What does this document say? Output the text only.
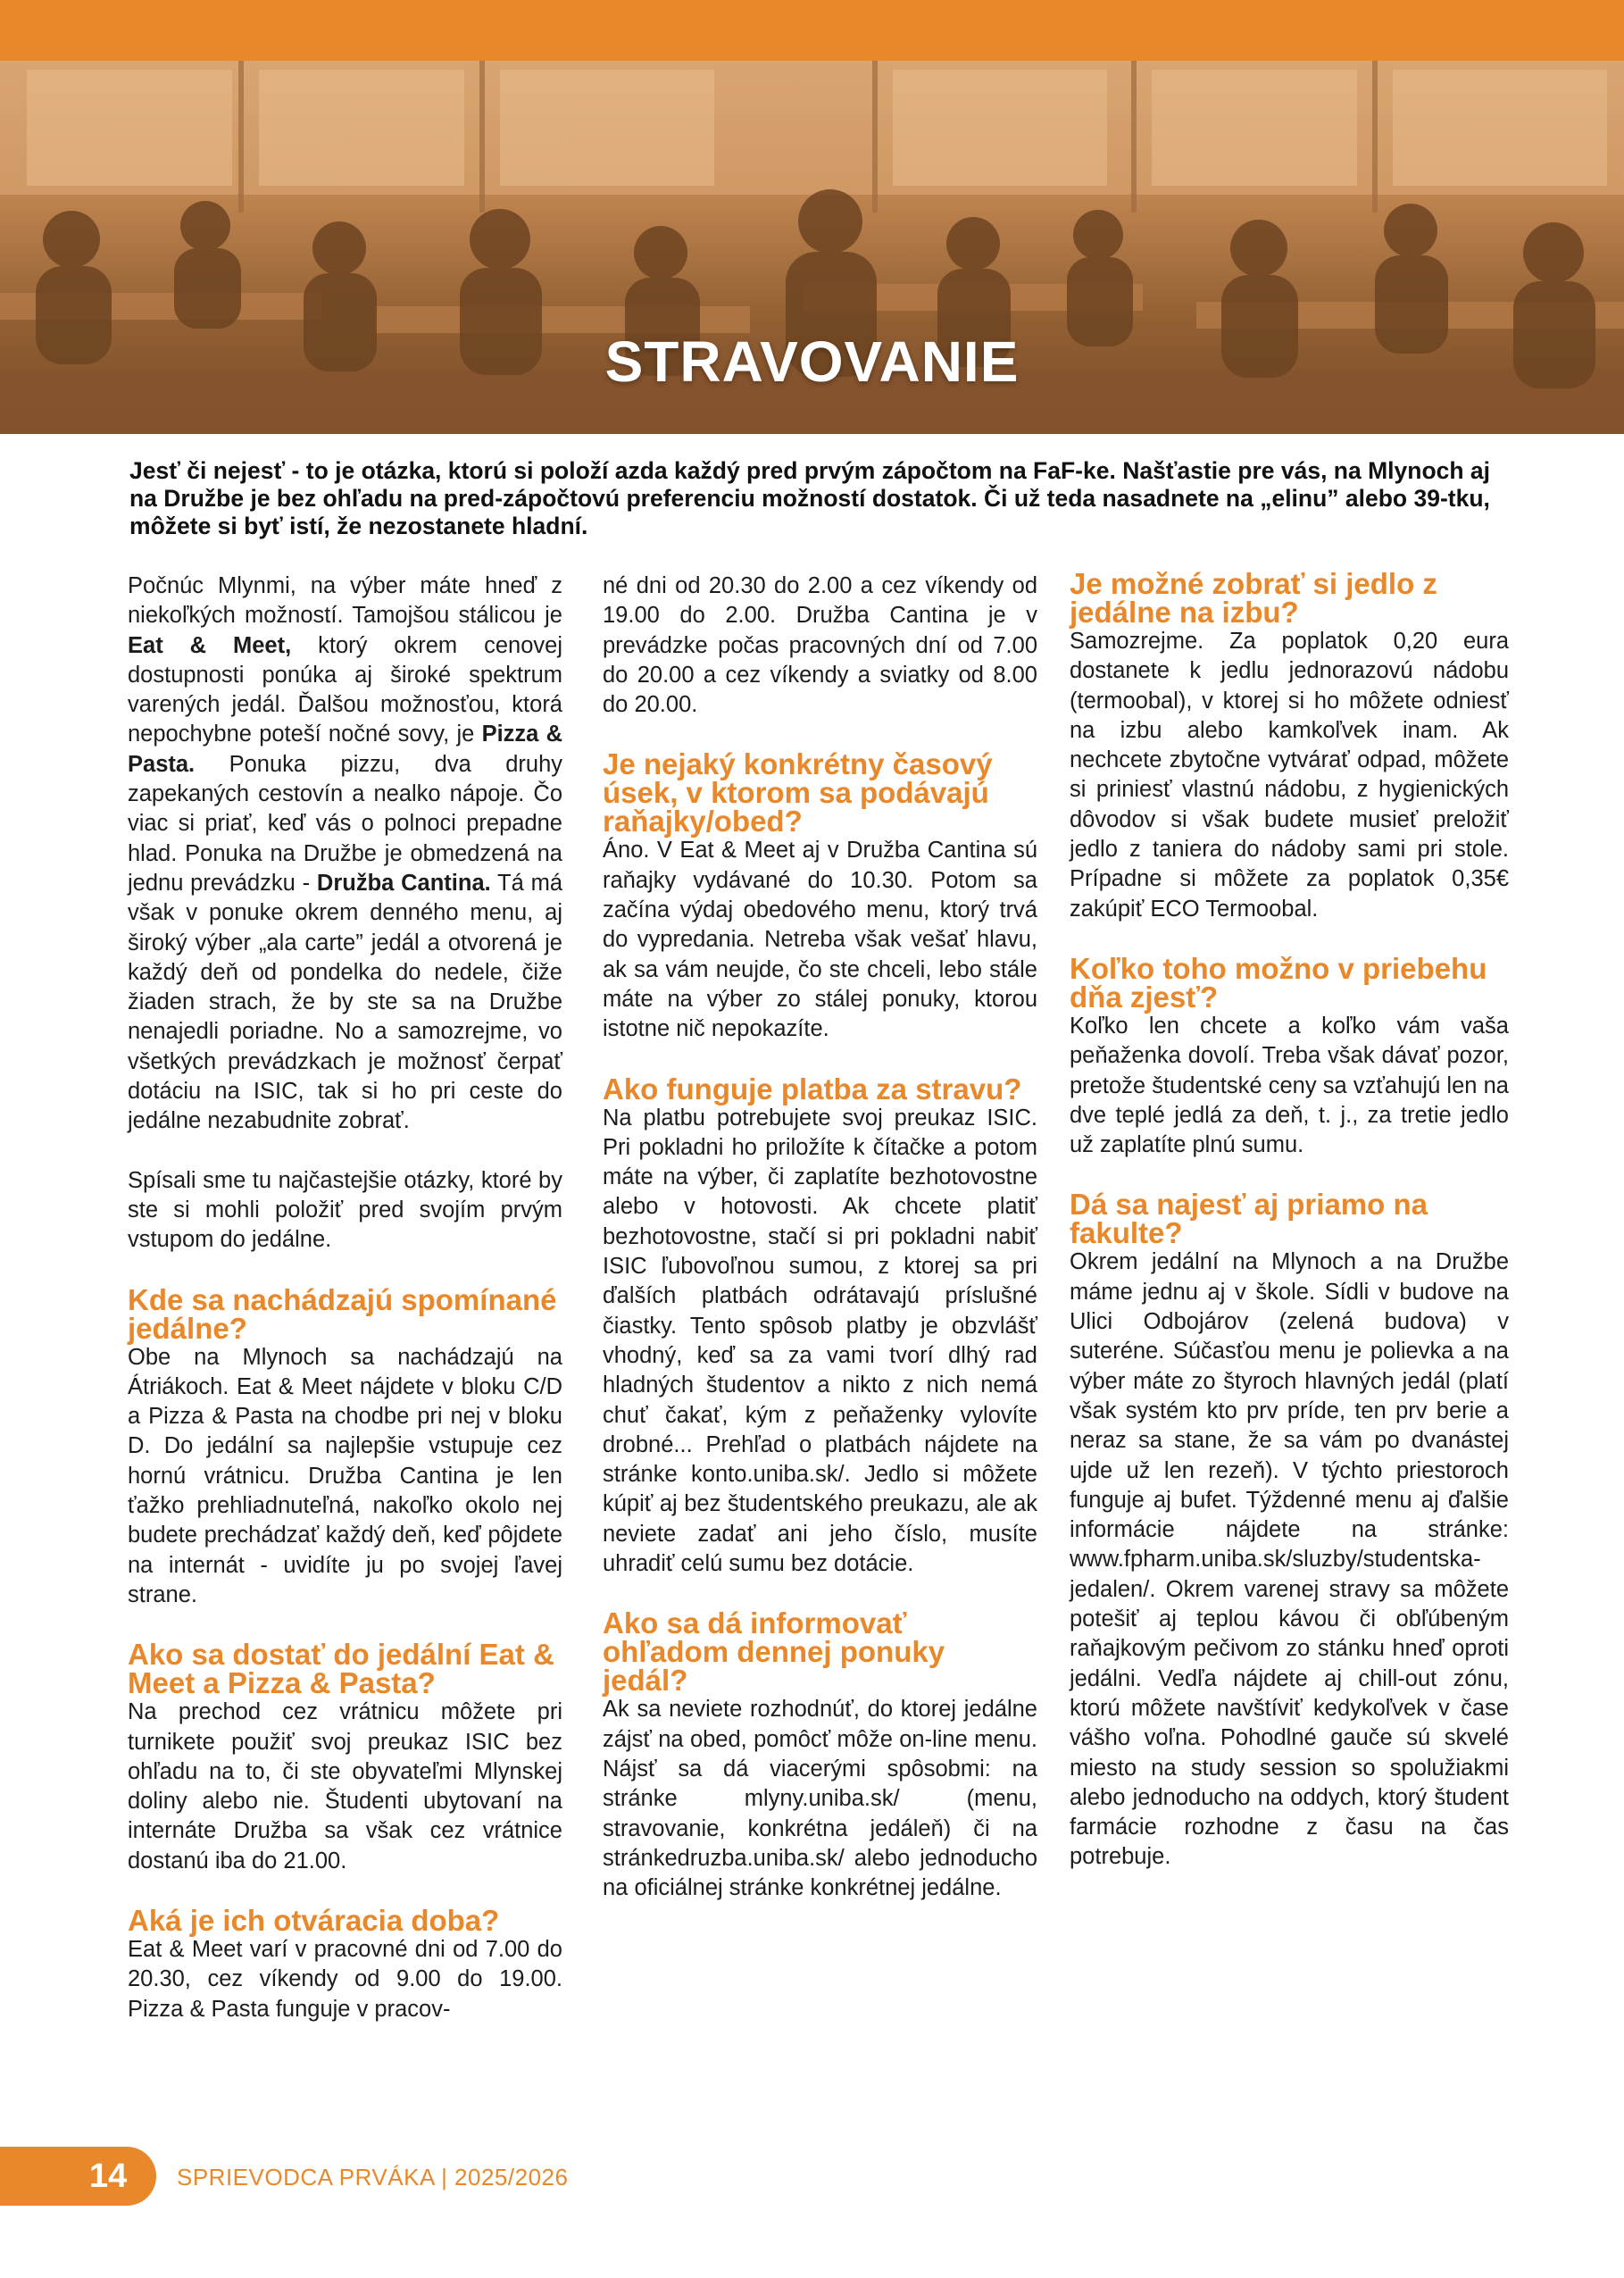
STRAVOVANIE
Jesť či nejesť - to je otázka, ktorú si položí azda každý pred prvým zápočtom na FaF-ke. Našťastie pre vás, na Mlynoch aj na Družbe je bez ohľadu na pred-zápočtovú preferenciu možností dostatok. Či už teda nasadnete na „elinu” alebo 39-tku, môžete si byť istí, že nezostanete hladní.

Počnúc Mlynmi, na výber máte hneď z niekoľkých možností. Tamojšou stálicou je Eat & Meet, ktorý okrem cenovej dostupnosti ponúka aj široké spektrum varených jedál. Ďalšou možnosťou, ktorá nepochybne poteší nočné sovy, je Pizza & Pasta. Ponuka pizzu, dva druhy zapekaných cestovín a nealko nápoje. Čo viac si priať, keď vás o polnoci prepadne hlad. Ponuka na Družbe je obmedzená na jednu prevádzku - Družba Cantina. Tá má však v ponuke okrem denného menu, aj široký výber „ala carte” jedál a otvorená je každý deň od pondelka do nedele, čiže žiaden strach, že by ste sa na Družbe nenajedli poriadne. No a samozrejme, vo všetkých prevádzkach je možnosť čerpať dotáciu na ISIC, tak si ho pri ceste do jedálne nezabudnite zobrať.

Spísali sme tu najčastejšie otázky, ktoré by ste si mohli položiť pred svojím prvým vstupom do jedálne.

Kde sa nachádzajú spomínané jedálne?

Obe na Mlynoch sa nachádzajú na Átriákoch. Eat & Meet nájdete v bloku C/D a Pizza & Pasta na chodbe pri nej v bloku D. Do jedální sa najlepšie vstupuje cez hornú vrátnicu. Družba Cantina je len ťažko prehliadnuteľná, nakoľko okolo nej budete prechádzať každý deň, keď pôjdete na internát - uvidíte ju po svojej ľavej strane.

Ako sa dostať do jedální Eat & Meet a Pizza & Pasta?

Na prechod cez vrátnicu môžete pri turnikete použiť svoj preukaz ISIC bez ohľadu na to, či ste obyvateľmi Mlynskej doliny alebo nie. Študenti ubytovaní na internáte Družba sa však cez vrátnice dostanú iba do 21.00.

Aká je ich otváracia doba?

Eat & Meet varí v pracovné dni od 7.00 do 20.30, cez víkendy od 9.00 do 19.00. Pizza & Pasta funguje v pracov-

né dni od 20.30 do 2.00 a cez víkendy od 19.00 do 2.00. Družba Cantina je v prevádzke počas pracovných dní od 7.00 do 20.00 a cez víkendy a sviatky od 8.00 do 20.00.

Je nejaký konkrétny časový úsek, v ktorom sa podávajú raňajky/obed?

Áno. V Eat & Meet aj v Družba Cantina sú raňajky vydávané do 10.30. Potom sa začína výdaj obedového menu, ktorý trvá do vypredania. Netreba však vešať hlavu, ak sa vám neujde, čo ste chceli, lebo stále máte na výber zo stálej ponuky, ktorou istotne nič nepokazíte.

Ako funguje platba za stravu?

Na platbu potrebujete svoj preukaz ISIC. Pri pokladni ho priložíte k čítačke a potom máte na výber, či zaplatíte bezhotovostne alebo v hotovosti. Ak chcete platiť bezhotovostne, stačí si pri pokladni nabiť ISIC ľubovoľnou sumou, z ktorej sa pri ďalších platbách odrátavajú príslušné čiastky. Tento spôsob platby je obzvlášť vhodný, keď sa za vami tvorí dlhý rad hladných študentov a nikto z nich nemá chuť čakať, kým z peňaženky vylovíte drobné... Prehľad o platbách nájdete na stránke konto.uniba.sk/. Jedlo si môžete kúpiť aj bez študentského preukazu, ale ak neviete zadať ani jeho číslo, musíte uhradiť celú sumu bez dotácie.

Ako sa dá informovať ohľadom dennej ponuky jedál?

Ak sa neviete rozhodnúť, do ktorej jedálne zájsť na obed, pomôcť môže on-line menu. Nájsť sa dá viacerými spôsobmi: na stránke mlyny.uniba.sk/ (menu, stravovanie, konkrétna jedáleň) či na stránkedruzba.uniba.sk/ alebo jednoducho na oficiálnej stránke konkrétnej jedálne.

Je možné zobrať si jedlo z jedálne na izbu?

Samozrejme. Za poplatok 0,20 eura dostanete k jedlu jednorazovú nádobu (termoobal), v ktorej si ho môžete odniesť na izbu alebo kamkoľvek inam. Ak nechcete zbytočne vytvárať odpad, môžete si priniesť vlastnú nádobu, z hygienických dôvodov si však budete musieť preložiť jedlo z taniera do nádoby sami pri stole. Prípadne si môžete za poplatok 0,35€ zakúpiť ECO Termoobal.

Koľko toho možno v priebehu dňa zjesť?

Koľko len chcete a koľko vám vaša peňaženka dovolí. Treba však dávať pozor, pretože študentské ceny sa vzťahujú len na dve teplé jedlá za deň, t. j., za tretie jedlo už zaplatíte plnú sumu.

Dá sa najesť aj priamo na fakulte?

Okrem jedální na Mlynoch a na Družbe máme jednu aj v škole. Sídli v budove na Ulici Odbojárov (zelená budova) v suteréne. Súčasťou menu je polievka a na výber máte zo štyroch hlavných jedál (platí však systém kto prv príde, ten prv berie a neraz sa stane, že sa vám po dvanástej ujde už len rezeň). V týchto priestoroch funguje aj bufet. Týždenné menu aj ďalšie informácie nájdete na stránke: www.fpharm.uniba.sk/sluzby/studentska-jedalen/. Okrem varenej stravy sa môžete potešiť aj teplou kávou či obľúbeným raňajkovým pečivom zo stánku hneď oproti jedálni. Vedľa nájdete aj chill-out zónu, ktorú môžete navštíviť kedykoľvek v čase vášho voľna. Pohodlné gauče sú skvelé miesto na study session so spolužiakmi alebo jednoducho na oddych, ktorý študent farmácie rozhodne z času na čas potrebuje.

14 SPRIEVODCA PRVÁKA | 2025/2026
